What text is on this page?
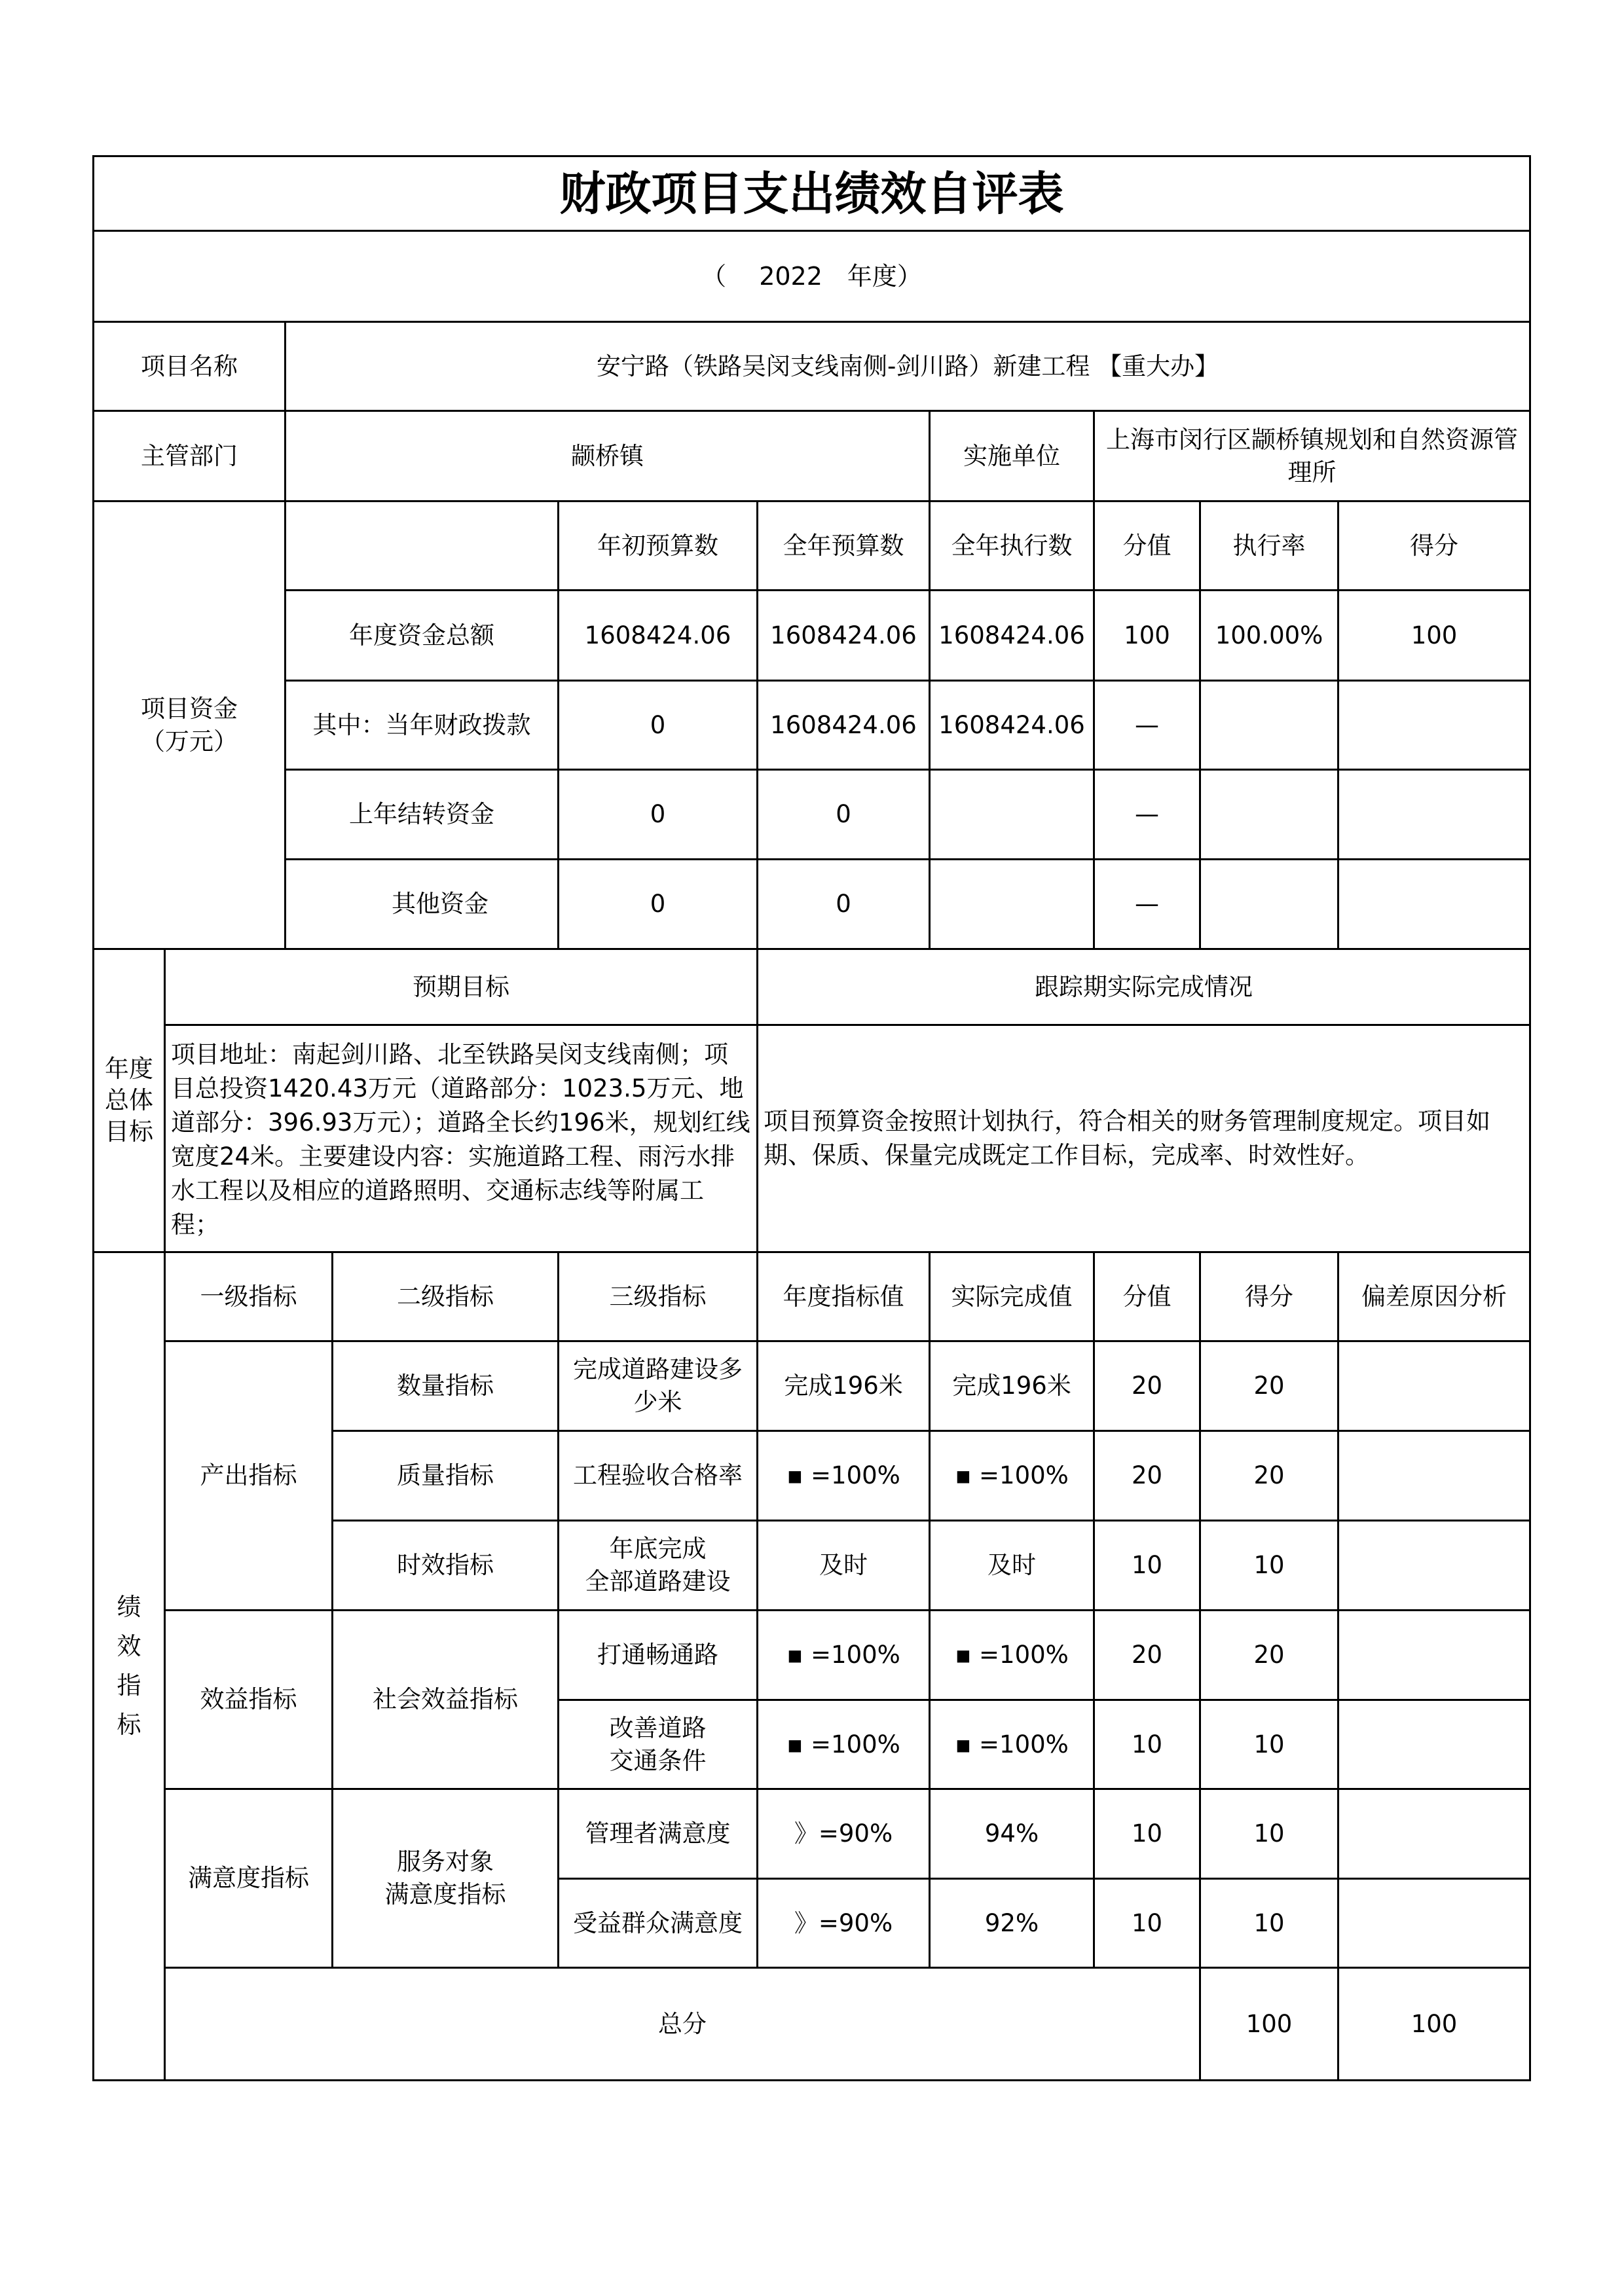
财政项目支出绩效自评表										
（　 2022　年度）										
项目名称		安宁路（铁路吴闵支线南侧-剑川路）新建工程 【重大办】								
主管部门		颛桥镇				实施单位	上海市闵行区颛桥镇规划和自然资源管理所			
项目资金
（万元）				年初预算数	全年预算数	全年执行数	分值	执行率	得分	
		年度资金总额		1608424.06	1608424.06	1608424.06	100	100.00%	100	
		其中：当年财政拨款		0	1608424.06	1608424.06	—			
		上年结转资金		0	0		—			
		其他资金		0	0		—			

年度总体目标	预期目标				跟踪期实际完成情况					
	项目地址：南起剑川路、北至铁路吴闵支线南侧；项目总投资1420.43万元（道路部分：1023.5万元、地道部分：396.93万元）；道路全长约196米，规划红线宽度24米。主要建设内容：实施道路工程、雨污水排水工程以及相应的道路照明、交通标志线等附属工程；				项目预算资金按照计划执行，符合相关的财务管理制度规定。项目如期、保质、保量完成既定工作目标，完成率、时效性好。					

绩效指标	一级指标		二级指标	三级指标	年度指标值	实际完成值	分值	得分	偏差原因分析	
	产出指标		数量指标	完成道路建设多少米	完成196米	完成196米	20	20		
			质量指标	工程验收合格率	▪ =100%	▪ =100%	20	20		
			时效指标	年底完成
全部道路建设	及时	及时	10	10		
	效益指标		社会效益指标	打通畅通路	▪ =100%	▪ =100%	20	20		
				改善道路
交通条件	▪ =100%	▪ =100%	10	10		
	满意度指标		服务对象
满意度指标	管理者满意度	》=90%	94%	10	10		
				受益群众满意度	》=90%	92%	10	10		
	总分							100	100	
